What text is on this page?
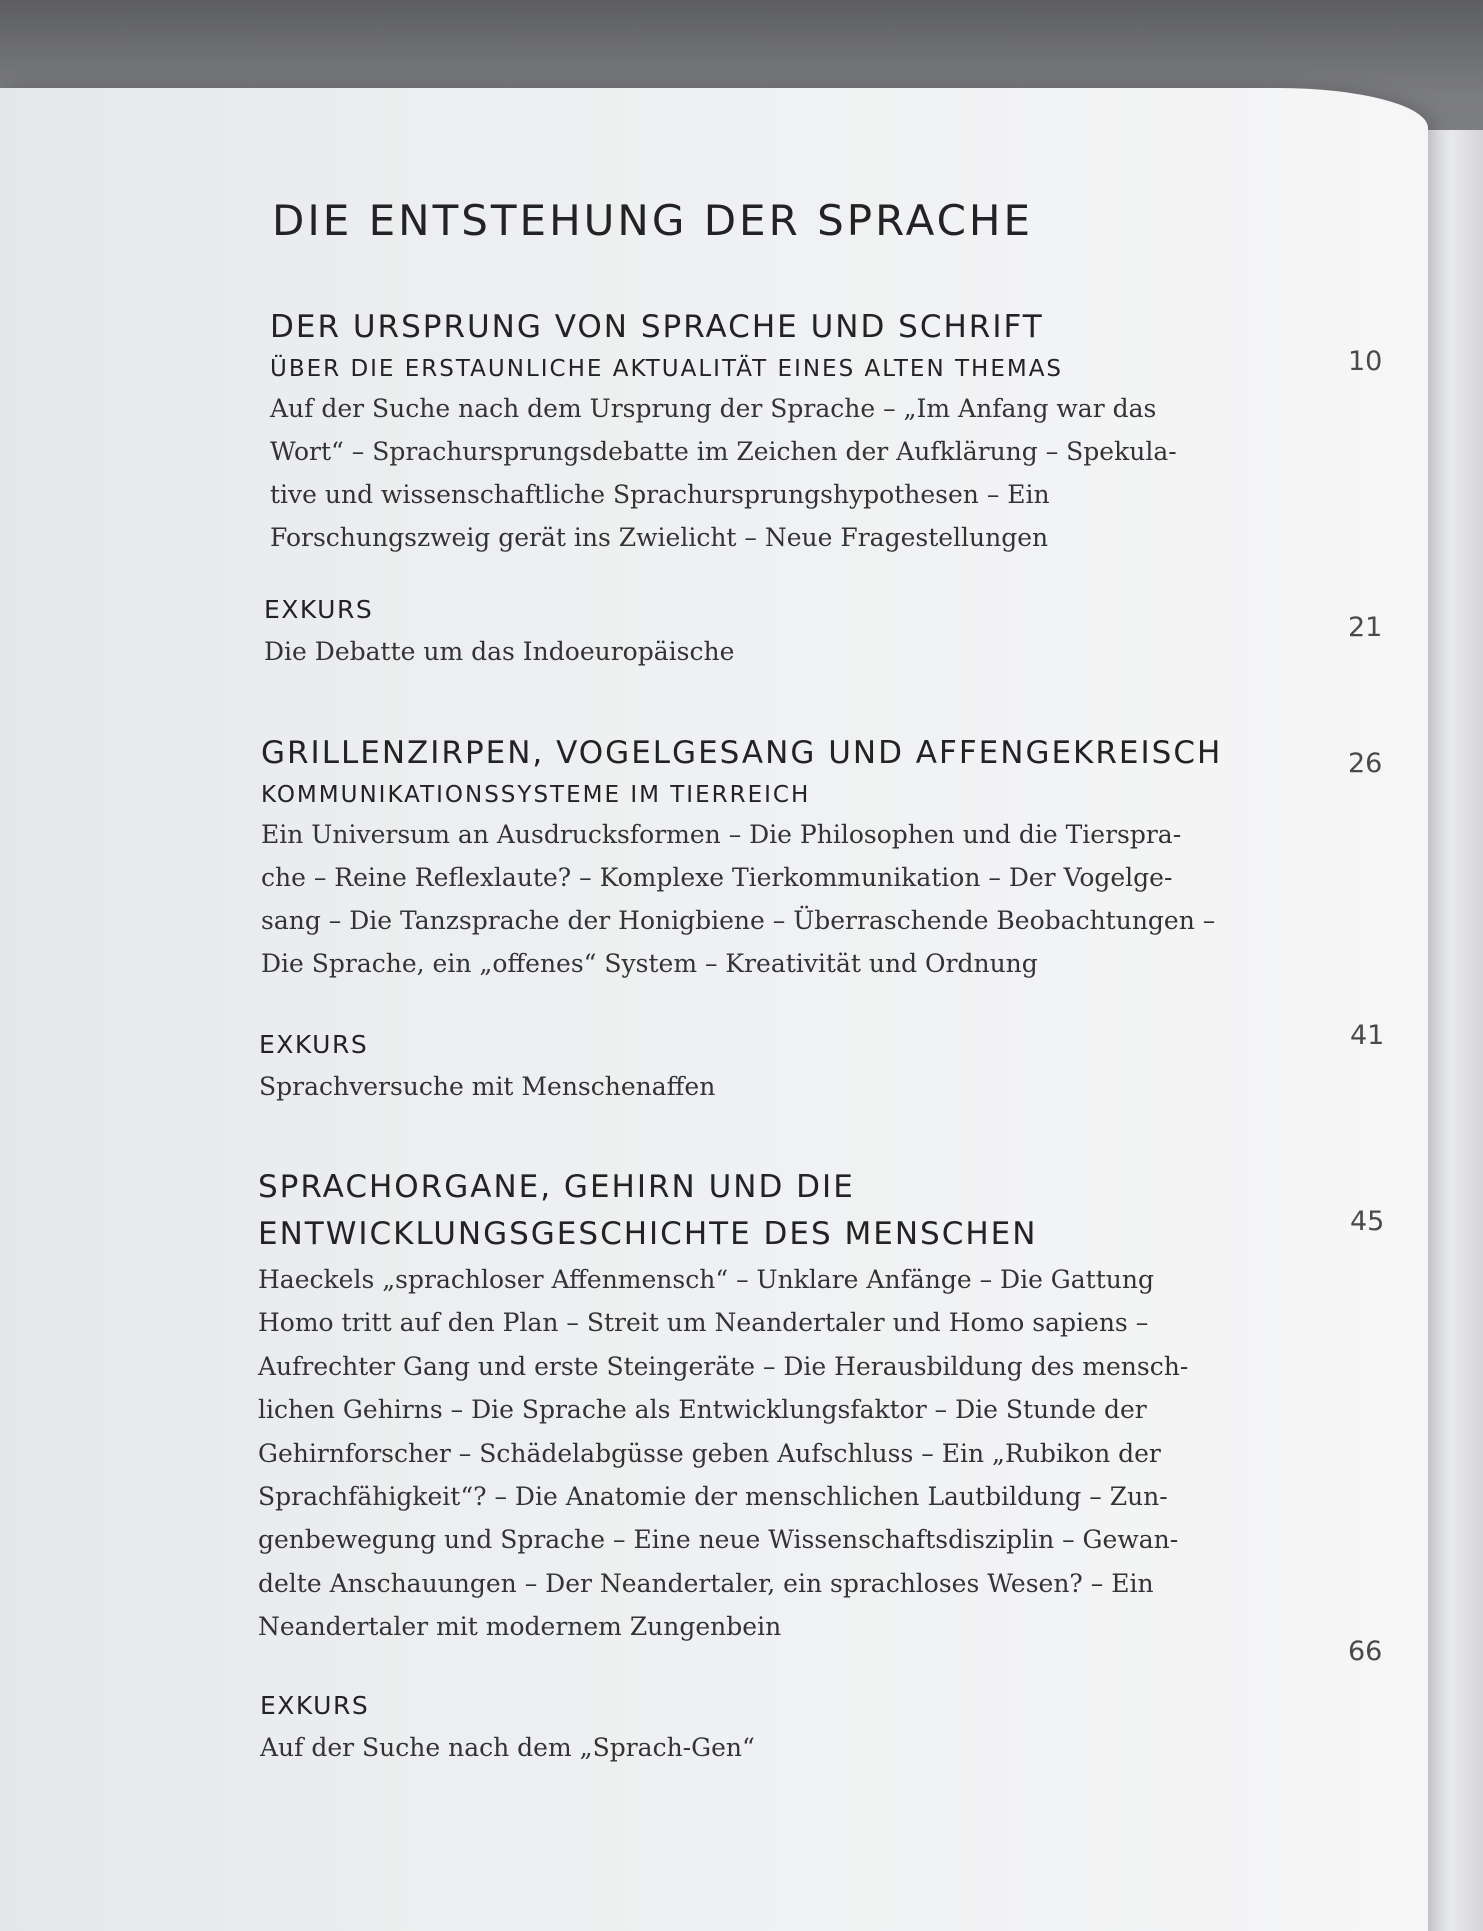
DIE ENTSTEHUNG DER SPRACHE
DER URSPRUNG VON SPRACHE UND SCHRIFT

ÜBER DIE ERSTAUNLICHE AKTUALITÄT EINES ALTEN THEMAS

Auf der Suche nach dem Ursprung der Sprache – „Im Anfang war das

Wort“ – Sprachursprungsdebatte im Zeichen der Aufklärung – Spekula-

tive und wissenschaftliche Sprachursprungshypothesen – Ein

Forschungszweig gerät ins Zwielicht – Neue Fragestellungen

10

EXKURS

Die Debatte um das Indoeuropäische

21
GRILLENZIRPEN, VOGELGESANG UND AFFENGEKREISCH

KOMMUNIKATIONSSYSTEME IM TIERREICH

Ein Universum an Ausdrucksformen – Die Philosophen und die Tierspra-

che – Reine Reflexlaute? – Komplexe Tierkommunikation – Der Vogelge-

sang – Die Tanzsprache der Honigbiene – Überraschende Beobachtungen –

Die Sprache, ein „offenes“ System – Kreativität und Ordnung

26

EXKURS

Sprachversuche mit Menschenaffen

41
SPRACHORGANE, GEHIRN UND DIE
ENTWICKLUNGSGESCHICHTE DES MENSCHEN

Haeckels „sprachloser Affenmensch“ – Unklare Anfänge – Die Gattung

Homo tritt auf den Plan – Streit um Neandertaler und Homo sapiens –

Aufrechter Gang und erste Steingeräte – Die Herausbildung des mensch-

lichen Gehirns – Die Sprache als Entwicklungsfaktor – Die Stunde der

Gehirnforscher – Schädelabgüsse geben Aufschluss – Ein „Rubikon der

Sprachfähigkeit“? – Die Anatomie der menschlichen Lautbildung – Zun-

genbewegung und Sprache – Eine neue Wissenschaftsdisziplin – Gewan-

delte Anschauungen – Der Neandertaler, ein sprachloses Wesen? – Ein

Neandertaler mit modernem Zungenbein

45

EXKURS

Auf der Suche nach dem „Sprach-Gen“

66
